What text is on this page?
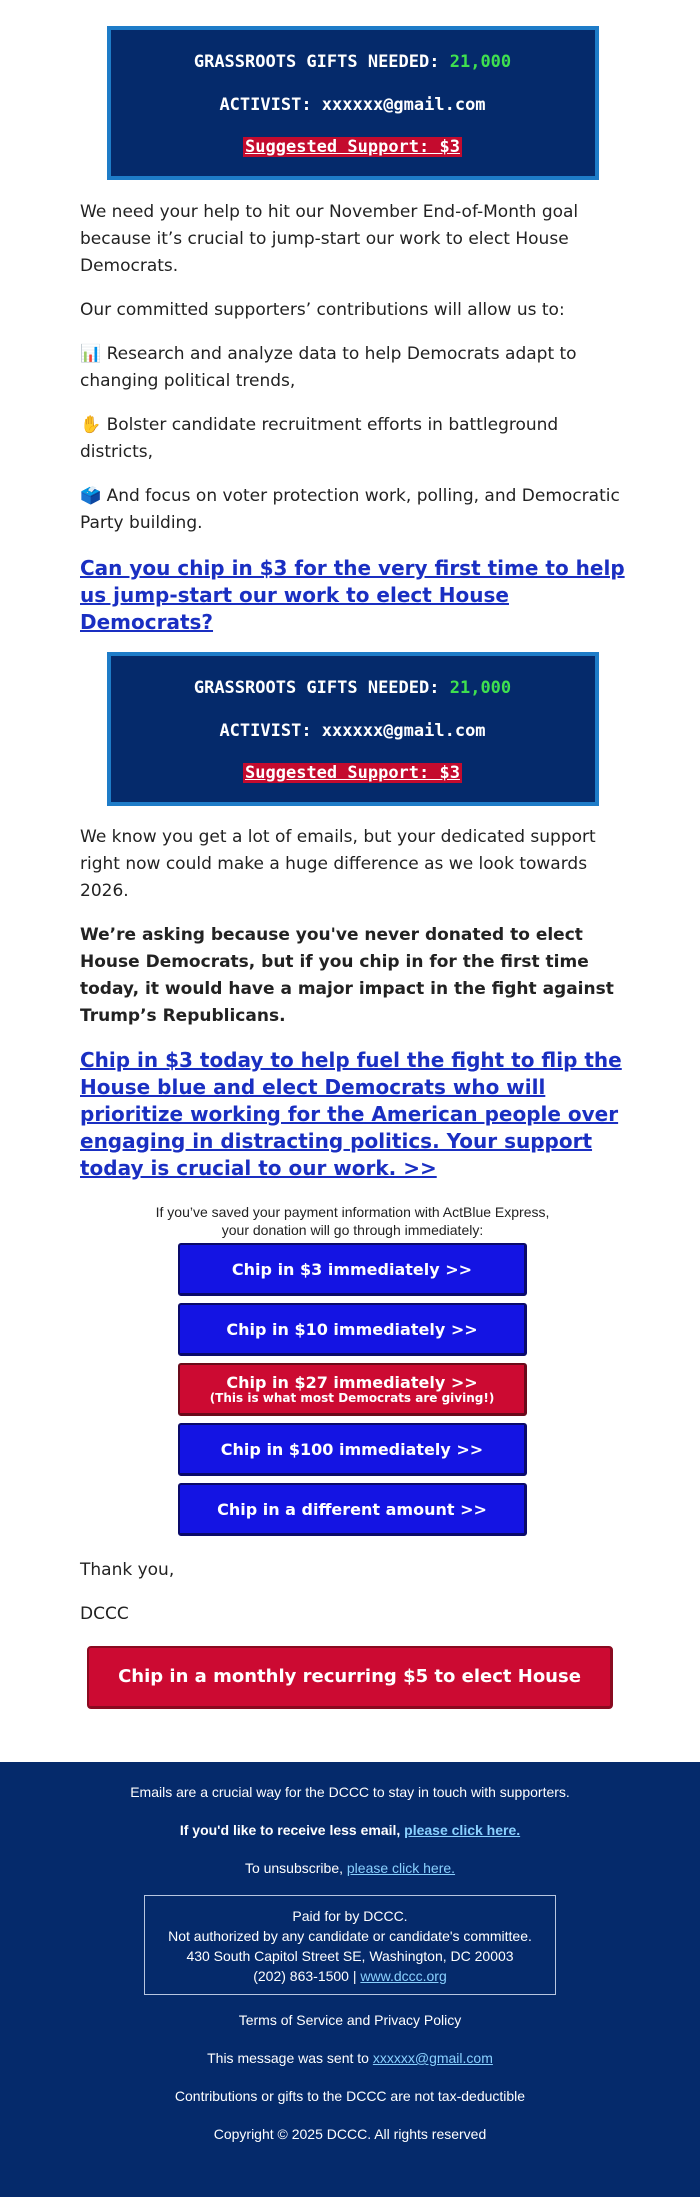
GRASSROOTS GIFTS NEEDED: 21,000
ACTIVIST: xxxxxx@gmail.com
Suggested Support: $3

We need your help to hit our November End-of-Month goal because it’s crucial to jump-start our work to elect House Democrats.

Our committed supporters’ contributions will allow us to:

📊 Research and analyze data to help Democrats adapt to changing political trends,

✋ Bolster candidate recruitment efforts in battleground districts,

🗳️ And focus on voter protection work, polling, and Democratic Party building.

Can you chip in $3 for the very first time to help us jump-start our work to elect House Democrats?
GRASSROOTS GIFTS NEEDED: 21,000
ACTIVIST: xxxxxx@gmail.com
Suggested Support: $3

We know you get a lot of emails, but your dedicated support right now could make a huge difference as we look towards 2026.

We’re asking because you've never donated to elect House Democrats, but if you chip in for the first time today, it would have a major impact in the fight against Trump’s Republicans.

Chip in $3 today to help fuel the fight to flip the House blue and elect Democrats who will prioritize working for the American people over engaging in distracting politics. Your support today is crucial to our work. >>
If you’ve saved your payment information with ActBlue Express,
your donation will go through immediately:
Chip in $3 immediately >>
Chip in $10 immediately >>
Chip in $27 immediately >>
(This is what most Democrats are giving!)
Chip in $100 immediately >>
Chip in a different amount >>

Thank you,

DCCC

Chip in a monthly recurring $5 to elect House Dems >>
Emails are a crucial way for the DCCC to stay in touch with supporters.
If you'd like to receive less email, please click here.
To unsubscribe, please click here.
Paid for by DCCC.
Not authorized by any candidate or candidate's committee.
430 South Capitol Street SE, Washington, DC 20003
(202) 863-1500 | www.dccc.org
Terms of Service and Privacy Policy
This message was sent to xxxxxx@gmail.com
Contributions or gifts to the DCCC are not tax-deductible
Copyright © 2025 DCCC. All rights reserved
